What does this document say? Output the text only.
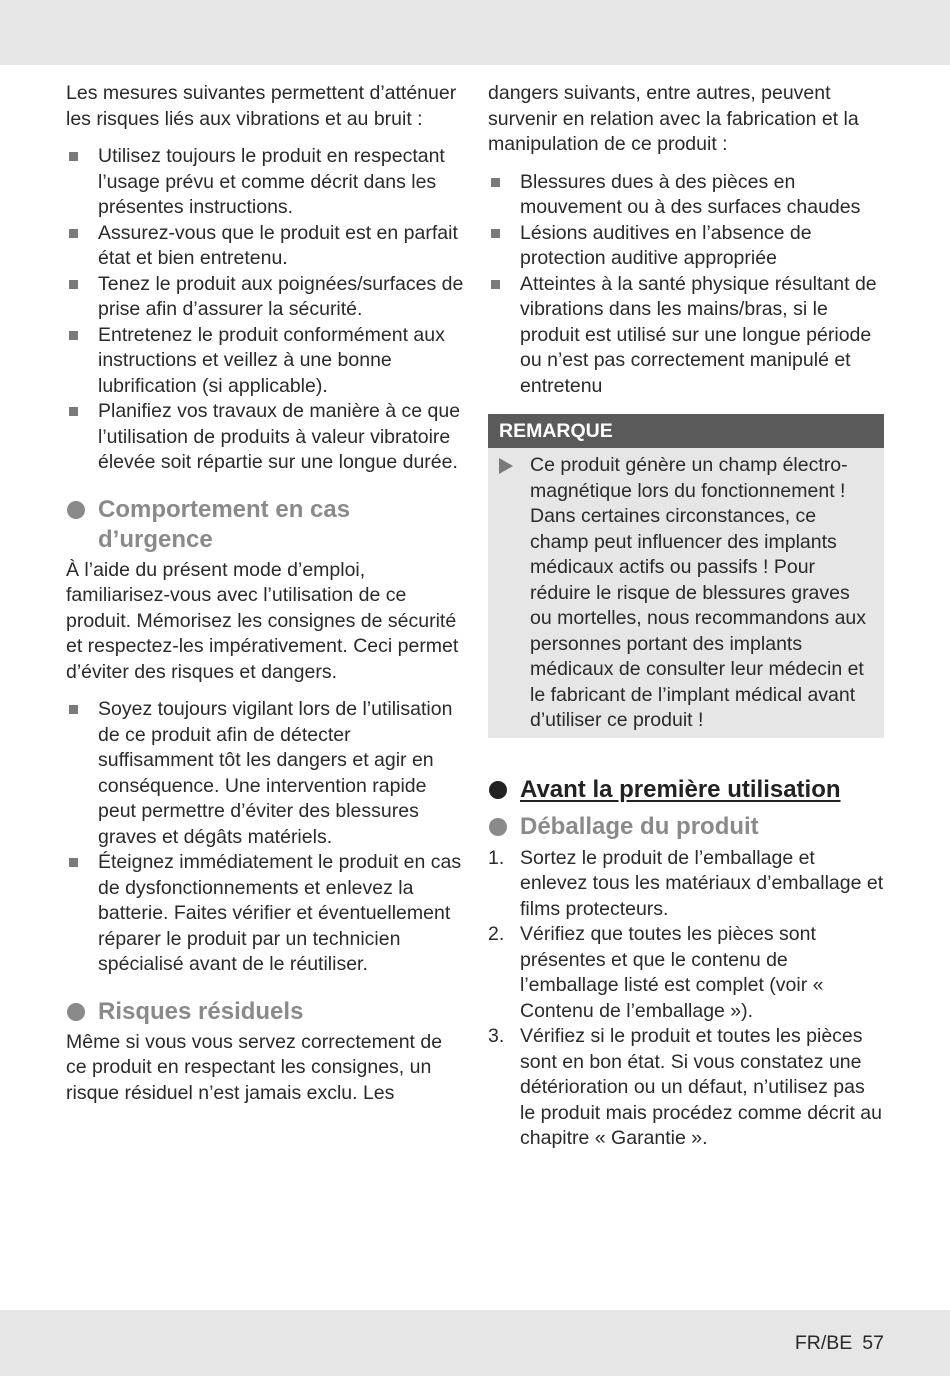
Les mesures suivantes permettent d’atténuer les risques liés aux vibrations et au bruit :

Utilisez toujours le produit en respectant l’usage prévu et comme décrit dans les présentes instructions.
Assurez-vous que le produit est en parfait état et bien entretenu.
Tenez le produit aux poignées/surfaces de prise afin d’assurer la sécurité.
Entretenez le produit conformément aux instructions et veillez à une bonne lubrification (si applicable).
Planifiez vos travaux de manière à ce que l’utilisation de produits à valeur vibratoire élevée soit répartie sur une longue durée.
Comportement en cas
d’urgence

À l’aide du présent mode d’emploi, familiarisez-vous avec l’utilisation de ce produit. Mémorisez les consignes de sécurité et respectez-les impérativement. Ceci permet d’éviter des risques et dangers.

Soyez toujours vigilant lors de l’utilisation de ce produit afin de détecter suffisamment tôt les dangers et agir en conséquence. Une intervention rapide peut permettre d’éviter des blessures graves et dégâts matériels.
Éteignez immédiatement le produit en cas de dysfonctionnements et enlevez la batterie. Faites vérifier et éventuellement réparer le produit par un technicien spécialisé avant de le réutiliser.
Risques résiduels

Même si vous vous servez correctement de ce produit en respectant les consignes, un risque résiduel n’est jamais exclu. Les

dangers suivants, entre autres, peuvent survenir en relation avec la fabrication et la manipulation de ce produit :

Blessures dues à des pièces en mouvement ou à des surfaces chaudes
Lésions auditives en l’absence de protection auditive appropriée
Atteintes à la santé physique résultant de vibrations dans les mains/bras, si le produit est utilisé sur une longue période ou n’est pas correctement manipulé et entretenu
REMARQUE
Ce produit génère un champ électromagnétique lors du fonctionnement ! Dans certaines circonstances, ce champ peut influencer des implants médicaux actifs ou passifs ! Pour réduire le risque de blessures graves ou mortelles, nous recommandons aux personnes portant des implants médicaux de consulter leur médecin et le fabricant de l’implant médical avant d’utiliser ce produit !
Avant la première utilisation
Déballage du produit
1. Sortez le produit de l’emballage et enlevez tous les matériaux d’emballage et films protecteurs.
2. Vérifiez que toutes les pièces sont présentes et que le contenu de l’emballage listé est complet (voir « Contenu de l’emballage »).
3. Vérifiez si le produit et toutes les pièces sont en bon état. Si vous constatez une détérioration ou un défaut, n’utilisez pas le produit mais procédez comme décrit au chapitre « Garantie ».
FR/BE 57
